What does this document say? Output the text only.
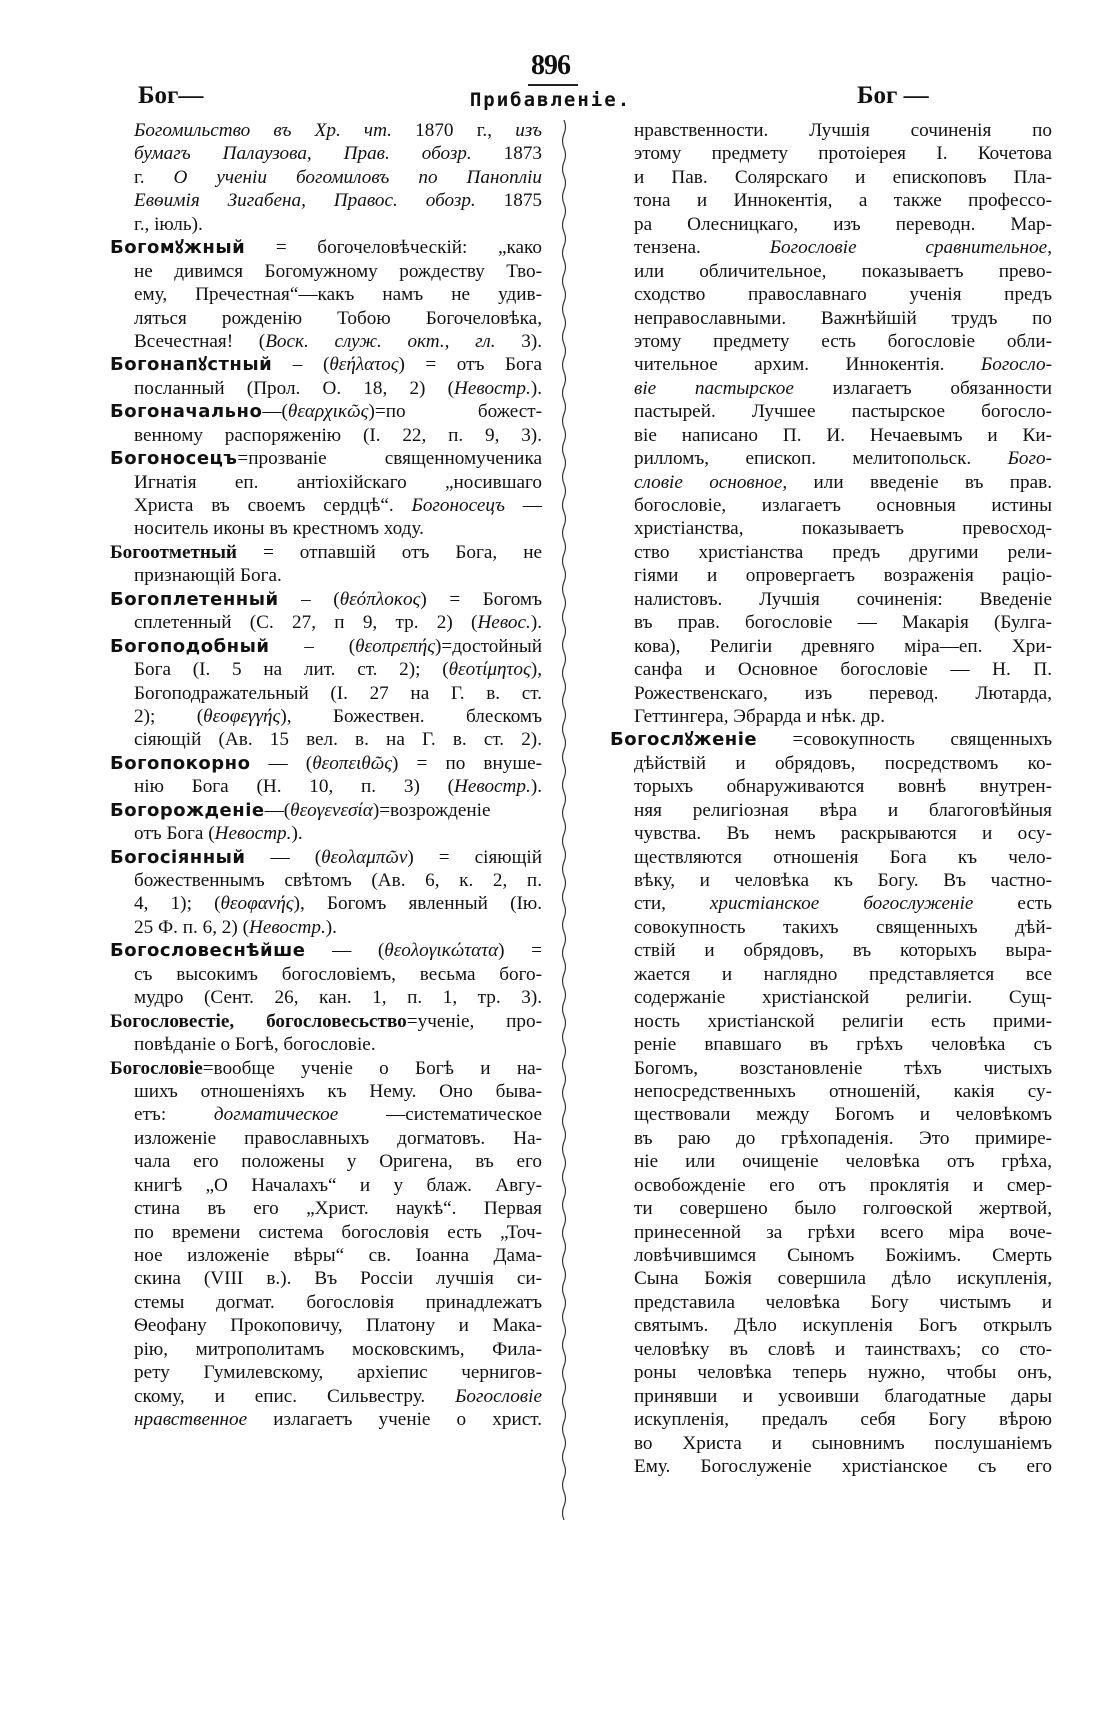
896
Бог—	Прибавленiе.	Бог —
Богомильство въ Хр. чт. 1870 г., изъ
бумагъ Палаузова, Прав. обозр. 1873
г. О ученiи богомиловъ по Паноплiи
Евѳимiя Зигабена, Правос. обозр. 1875
г., iюль).
Богомꙋжный = богочеловѣческiй: „како
не дивимся Богомужному рождеству Тво-
ему, Пречестная“—какъ намъ не удив-
ляться рожденiю Тобою Богочеловѣка,
Всечестная! (Воск. служ. окт., гл. 3).
Богонапꙋстный – (θεήλατος) = отъ Бога
посланный (Прол. О. 18, 2) (Невостр.).
Богоначально—(θεαρχικῶς)=по божест-
венному распоряженiю (I. 22, п. 9, 3).
Богоносецъ=прозванiе священномученика
Игнатiя еп. антiохiйскаго „носившаго
Христа въ своемъ сердцѣ“. Богоносецъ —
носитель иконы въ крестномъ ходу.
Богоотметный = отпавшiй отъ Бога, не
признающiй Бога.
Богоплетенный – (θεόπλοκος) = Богомъ
сплетенный (С. 27, п 9, тр. 2) (Невос.).
Богоподобный – (θεοπρεπής)=достойный
Бога (I. 5 на лит. ст. 2); (θεοτίμητος),
Богоподражательный (I. 27 на Г. в. ст.
2); (θεοφεγγής), Божествен. блескомъ
сiяющiй (Ав. 15 вел. в. на Г. в. ст. 2).
Богопокорно — (θεοπειθῶς) = по внуше-
нiю Бога (Н. 10, п. 3) (Невостр.).
Богорожденiе—(θεογενεσία)=возрожденiе
отъ Бога (Невостр.).
Богосiянный — (θεολαμπῶν) = сiяющiй
божественнымъ свѣтомъ (Ав. 6, к. 2, п.
4, 1); (θεοφανής), Богомъ явленный (Iю.
25 Ф. п. 6, 2) (Невостр.).
Богословеснѣйше — (θεολογικώτατα) =
съ высокимъ богословiемъ, весьма бого-
мудро (Сент. 26, кан. 1, п. 1, тр. 3).
Богословестiе, богословесьство=ученiе, про-
повѣданiе о Богѣ, богословiе.
Богословiе=вообще ученiе о Богѣ и на-
шихъ отношенiяхъ къ Нему. Оно быва-
етъ: догматическое —систематическое
изложенiе православныхъ догматовъ. На-
чала его положены у Оригена, въ его
книгѣ „О Началахъ“ и у блаж. Авгу-
стина въ его „Христ. наукѣ“. Первая
по времени система богословiя есть „Точ-
ное изложенiе вѣры“ св. Iоанна Дама-
скина (VIII в.). Въ Россiи лучшiя си-
стемы догмат. богословiя принадлежатъ
Ѳеофану Прокоповичу, Платону и Мака-
рiю, митрополитамъ московскимъ, Фила-
рету Гумилевскому, архiепис чернигов-
скому, и епис. Сильвестру. Богословiе
нравственное излагаетъ ученiе о христ.
нравственности. Лучшiя сочиненiя по
этому предмету протоiерея I. Кочетова
и Пав. Солярскаго и епископовъ Пла-
тона и Иннокентiя, а также профессо-
ра Олесницкаго, изъ переводн. Мар-
тензена. Богословiе сравнительное,
или обличительное, показываетъ прево-
сходство православнаго ученiя предъ
неправославными. Важнѣйшiй трудъ по
этому предмету есть богословiе обли-
чительное архим. Иннокентiя. Богосло-
вiе пастырское излагаетъ обязанности
пастырей. Лучшее пастырское богосло-
вiе написано П. И. Нечаевымъ и Ки-
рилломъ, епископ. мелитопольск. Бого-
словiе основное, или введенiе въ прав.
богословiе, излагаетъ основныя истины
христiанства, показываетъ превосход-
ство христiанства предъ другими рели-
гiями и опровергаетъ возраженiя рацiо-
налистовъ. Лучшiя сочиненiя: Введенiе
въ прав. богословiе — Макарiя (Булга-
кова), Религiи древняго мiра—еп. Хри-
санфа и Основное богословiе — Н. П.
Рожественскаго, изъ перевод. Лютарда,
Геттингера, Эбрарда и нѣк. др.
Богослꙋженiе =совокупность священныхъ
дѣйствiй и обрядовъ, посредствомъ ко-
торыхъ обнаруживаются вовнѣ внутрен-
няя религiозная вѣра и благоговѣйныя
чувства. Въ немъ раскрываются и осу-
ществляются отношенiя Бога къ чело-
вѣку, и человѣка къ Богу. Въ частно-
сти, христiанское богослуженiе есть
совокупность такихъ священныхъ дѣй-
ствiй и обрядовъ, въ которыхъ выра-
жается и наглядно представляется все
содержанiе христiанской религiи. Сущ-
ность христiанской религiи есть прими-
ренiе впавшаго въ грѣхъ человѣка съ
Богомъ, возстановленiе тѣхъ чистыхъ
непосредственныхъ отношенiй, какiя су-
ществовали между Богомъ и человѣкомъ
въ раю до грѣхопаденiя. Это примире-
нiе или очищенiе человѣка отъ грѣха,
освобожденiе его отъ проклятiя и смер-
ти совершено было голгоѳской жертвой,
принесенной за грѣхи всего мiра воче-
ловѣчившимся Сыномъ Божiимъ. Смерть
Сына Божiя совершила дѣло искупленiя,
представила человѣка Богу чистымъ и
святымъ. Дѣло искупленiя Богъ открылъ
человѣку въ словѣ и таинствахъ; со сто-
роны человѣка теперь нужно, чтобы онъ,
принявши и усвоивши благодатные дары
искупленiя, предалъ себя Богу вѣрою
во Христа и сыновнимъ послушанiемъ
Ему. Богослуженiе христiанское съ его
